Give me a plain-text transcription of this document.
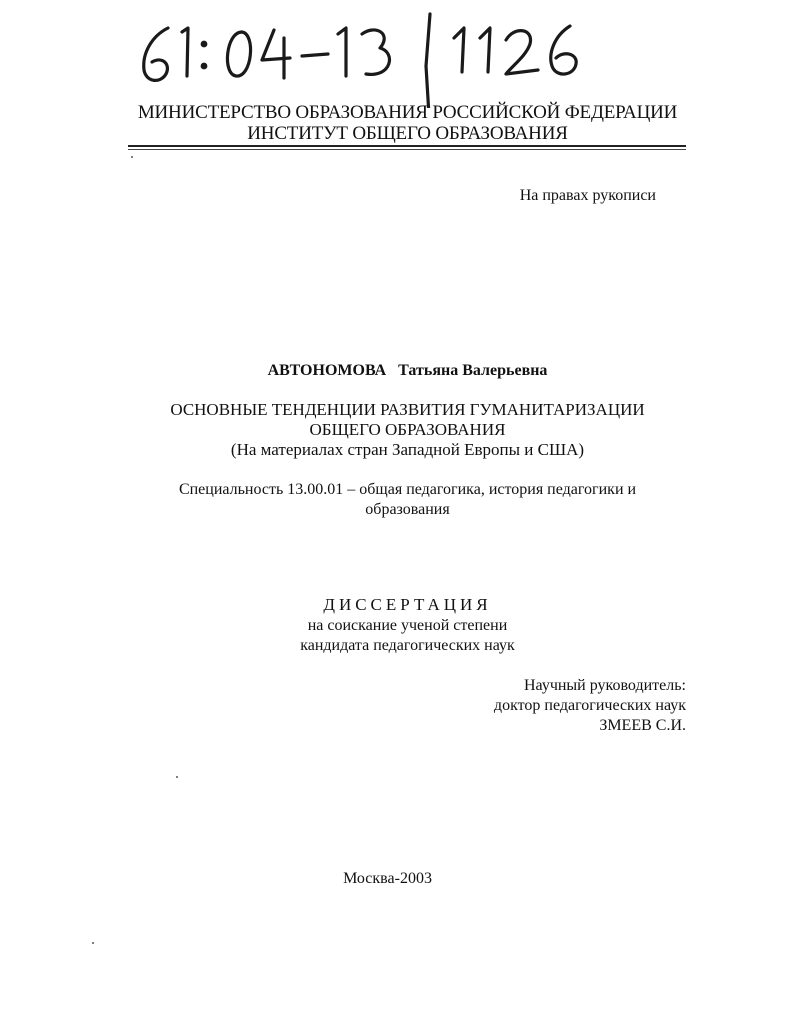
МИНИСТЕРСТВО ОБРАЗОВАНИЯ РОССИЙСКОЙ ФЕДЕРАЦИИ
ИНСТИТУТ ОБЩЕГО ОБРАЗОВАНИЯ
На правах рукописи
АВТОНОМОВА Татьяна Валерьевна
ОСНОВНЫЕ ТЕНДЕНЦИИ РАЗВИТИЯ ГУМАНИТАРИЗАЦИИ
ОБЩЕГО ОБРАЗОВАНИЯ
(На материалах стран Западной Европы и США)
Специальность 13.00.01 – общая педагогика, история педагогики и
образования
ДИССЕРТАЦИЯ
на соискание ученой степени
кандидата педагогических наук
Научный руководитель:
доктор педагогических наук
ЗМЕЕВ С.И.
Москва-2003
